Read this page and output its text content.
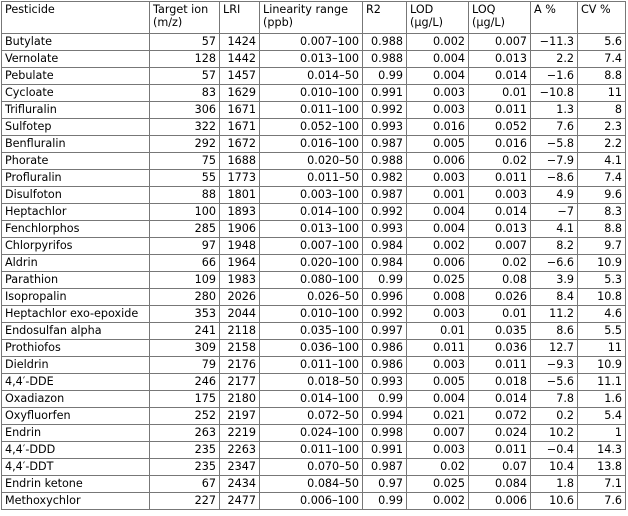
Pesticide	Target ion (m/z)	LRI	Linearity range (ppb)	R2	LOD (μg/L)	LOQ (μg/L)	A %	CV %
Butylate	57	1424	0.007–100	0.988	0.002	0.007	−11.3	5.6
Vernolate	128	1442	0.013–100	0.988	0.004	0.013	2.2	7.4
Pebulate	57	1457	0.014–50	0.99	0.004	0.014	−1.6	8.8
Cycloate	83	1629	0.010–100	0.991	0.003	0.01	−10.8	11
Trifluralin	306	1671	0.011–100	0.992	0.003	0.011	1.3	8
Sulfotep	322	1671	0.052–100	0.993	0.016	0.052	7.6	2.3
Benfluralin	292	1672	0.016–100	0.987	0.005	0.016	−5.8	2.2
Phorate	75	1688	0.020–50	0.988	0.006	0.02	−7.9	4.1
Profluralin	55	1773	0.011–50	0.982	0.003	0.011	−8.6	7.4
Disulfoton	88	1801	0.003–100	0.987	0.001	0.003	4.9	9.6
Heptachlor	100	1893	0.014–100	0.992	0.004	0.014	−7	8.3
Fenchlorphos	285	1906	0.013–100	0.993	0.004	0.013	4.1	8.8
Chlorpyrifos	97	1948	0.007–100	0.984	0.002	0.007	8.2	9.7
Aldrin	66	1964	0.020–100	0.984	0.006	0.02	−6.6	10.9
Parathion	109	1983	0.080–100	0.99	0.025	0.08	3.9	5.3
Isopropalin	280	2026	0.026–50	0.996	0.008	0.026	8.4	10.8
Heptachlor exo-epoxide	353	2044	0.010–100	0.992	0.003	0.01	11.2	4.6
Endosulfan alpha	241	2118	0.035–100	0.997	0.01	0.035	8.6	5.5
Prothiofos	309	2158	0.036–100	0.986	0.011	0.036	12.7	11
Dieldrin	79	2176	0.011–100	0.986	0.003	0.011	−9.3	10.9
4,4′-DDE	246	2177	0.018–50	0.993	0.005	0.018	−5.6	11.1
Oxadiazon	175	2180	0.014–100	0.99	0.004	0.014	7.8	1.6
Oxyfluorfen	252	2197	0.072–50	0.994	0.021	0.072	0.2	5.4
Endrin	263	2219	0.024–100	0.998	0.007	0.024	10.2	1
4,4′-DDD	235	2263	0.011–100	0.991	0.003	0.011	−0.4	14.3
4,4′-DDT	235	2347	0.070–50	0.987	0.02	0.07	10.4	13.8
Endrin ketone	67	2434	0.084–50	0.97	0.025	0.084	1.8	7.1
Methoxychlor	227	2477	0.006–100	0.99	0.002	0.006	10.6	7.6
